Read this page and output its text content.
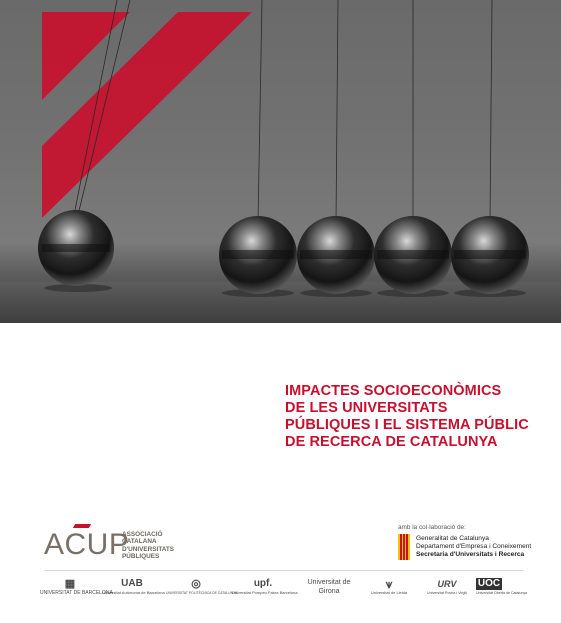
IMPACTES SOCIOECONÒMICS
DE LES UNIVERSITATS
PÚBLIQUES I EL SISTEMA PÚBLIC
DE RECERCA DE CATALUNYA
ACUP
ASSOCIACIÓ
CATALANA
D'UNIVERSITATS
PÚBLIQUES
amb la col·laboració de:
Generalitat de Catalunya
Departament d'Empresa i Coneixement
Secretaria d'Universitats i Recerca
▦
UNIVERSITAT DE BARCELONA
UAB
Universitat Autònoma de Barcelona
◎
UNIVERSITAT POLITÈCNICA DE CATALUNYA
upf.
Universitat Pompeu Fabra Barcelona
Universitat de Girona
⩛
Universitat de Lleida
URV
Universitat Rovira i Virgili
UOC
Universitat Oberta de Catalunya
